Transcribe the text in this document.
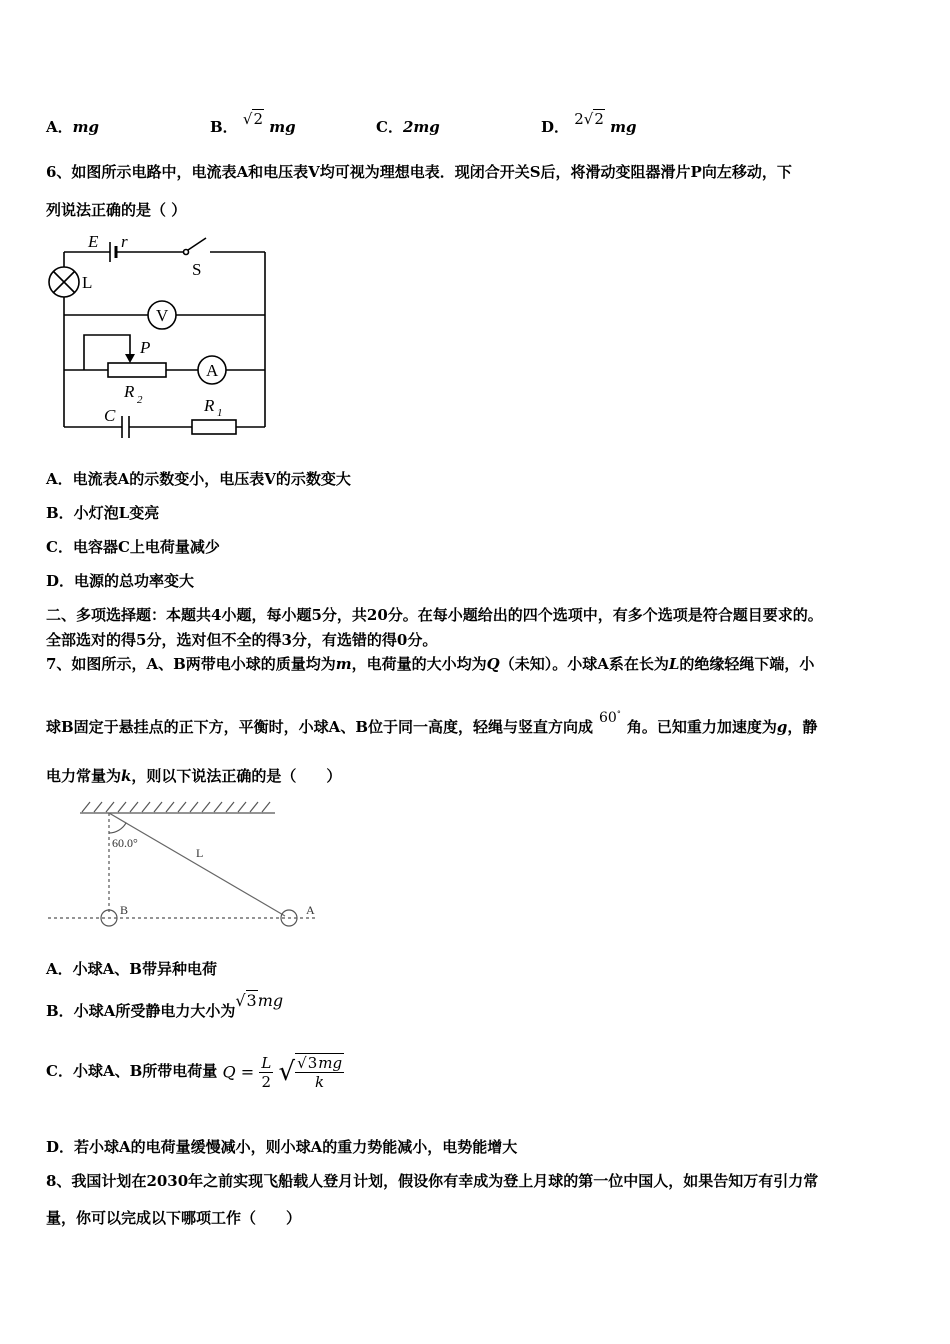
A．mg	B． √2 mg	C．2mg	D． 2√2 mg
6、如图所示电路中，电流表A和电压表V均可视为理想电表．现闭合开关S后，将滑动变阻器滑片P向左移动，下
列说法正确的是（ ）
E r
P
R
C
R
2
1
S
L
V
A
A．电流表A的示数变小，电压表V的示数变大
B．小灯泡L变亮
C．电容器C上电荷量减少
D．电源的总功率变大
二、多项选择题：本题共4小题，每小题5分，共20分。在每小题给出的四个选项中，有多个选项是符合题目要求的。
全部选对的得5分，选对但不全的得3分，有选错的得0分。
7、如图所示，A、B两带电小球的质量均为m，电荷量的大小均为Q（未知）。小球A系在长为L的绝缘轻绳下端，小
球B固定于悬挂点的正下方，平衡时，小球A、B位于同一高度，轻绳与竖直方向成 60°角。已知重力加速度为g，静
电力常量为k，则以下说法正确的是（　　）
60.0°
L
B	A
A．小球A、B带异种电荷
B．小球A所受静电力大小为√3mg
C．小球A、B所带电荷量 $Q = \frac{L}{2}$ √ $\frac{√3mg}{k}$
D．若小球A的电荷量缓慢减小，则小球A的重力势能减小，电势能增大
8、我国计划在2030年之前实现飞船载人登月计划，假设你有幸成为登上月球的第一位中国人，如果告知万有引力常
量，你可以完成以下哪项工作（　　）
